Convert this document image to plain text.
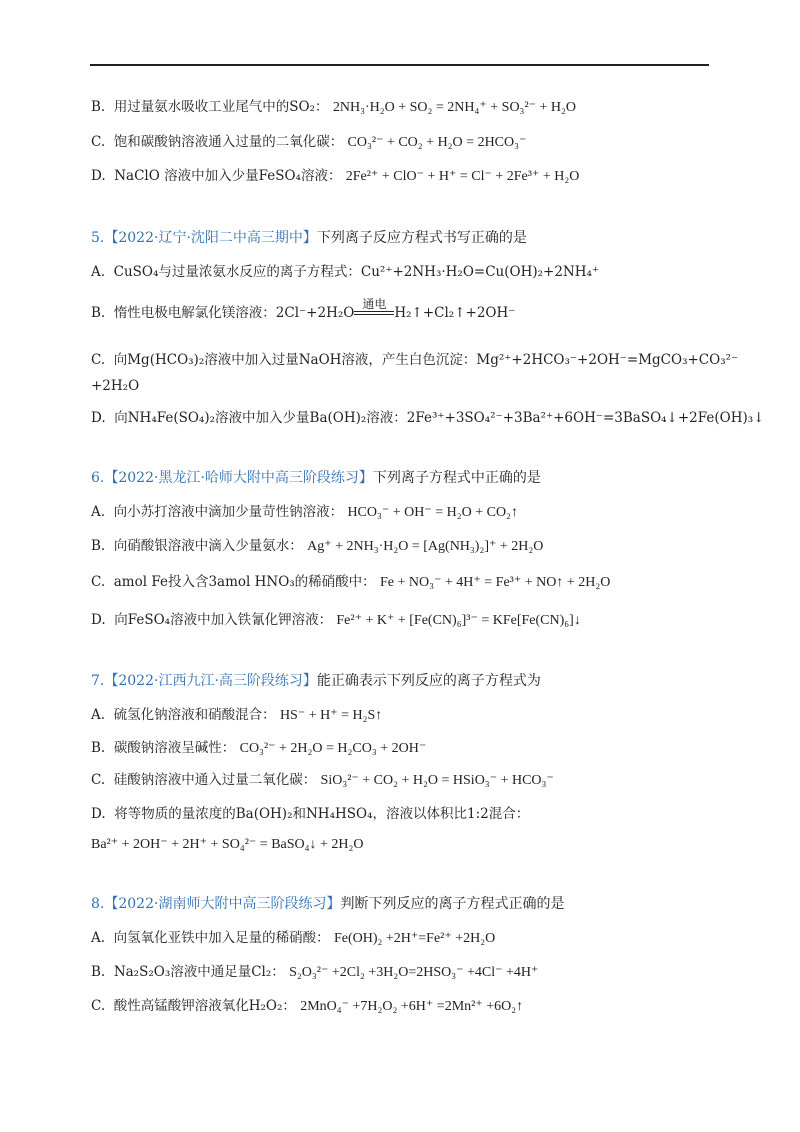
B. 用过量氨水吸收工业尾气中的SO₂： 2NH₃·H₂O + SO₂ = 2NH₄⁺ + SO₃²⁻ + H₂O
C. 饱和碳酸钠溶液通入过量的二氧化碳： CO₃²⁻ + CO₂ + H₂O = 2HCO₃⁻
D. NaClO 溶液中加入少量FeSO₄溶液： 2Fe²⁺ + ClO⁻ + H⁺ = Cl⁻ + 2Fe³⁺ + H₂O
5.【2022·辽宁·沈阳二中高三期中】下列离子反应方程式书写正确的是
A. CuSO₄与过量浓氨水反应的离子方程式：Cu²⁺+2NH₃·H₂O=Cu(OH)₂+2NH₄⁺
B. 惰性电极电解氯化镁溶液：2Cl⁻+2H₂O
通电
H₂↑+Cl₂↑+2OH⁻
C. 向Mg(HCO₃)₂溶液中加入过量NaOH溶液，产生白色沉淀：Mg²⁺+2HCO₃⁻+2OH⁻=MgCO₃+CO₃²⁻
+2H₂O
D. 向NH₄Fe(SO₄)₂溶液中加入少量Ba(OH)₂溶液：2Fe³⁺+3SO₄²⁻+3Ba²⁺+6OH⁻=3BaSO₄↓+2Fe(OH)₃↓
6.【2022·黑龙江·哈师大附中高三阶段练习】下列离子方程式中正确的是
A. 向小苏打溶液中滴加少量苛性钠溶液： HCO₃⁻ + OH⁻ = H₂O + CO₂↑
B. 向硝酸银溶液中滴入少量氨水： Ag⁺ + 2NH₃·H₂O = [Ag(NH₃)₂]⁺ + 2H₂O
C. amol Fe投入含3amol HNO₃的稀硝酸中： Fe + NO₃⁻ + 4H⁺ = Fe³⁺ + NO↑ + 2H₂O
D. 向FeSO₄溶液中加入铁氰化钾溶液： Fe²⁺ + K⁺ + [Fe(CN)₆]³⁻ = KFe[Fe(CN)₆]↓
7.【2022·江西九江·高三阶段练习】能正确表示下列反应的离子方程式为
A. 硫氢化钠溶液和硝酸混合： HS⁻ + H⁺ = H₂S↑
B. 碳酸钠溶液呈碱性： CO₃²⁻ + 2H₂O = H₂CO₃ + 2OH⁻
C. 硅酸钠溶液中通入过量二氧化碳： SiO₃²⁻ + CO₂ + H₂O = HSiO₃⁻ + HCO₃⁻
D. 将等物质的量浓度的Ba(OH)₂和NH₄HSO₄，溶液以体积比1:2混合：
Ba²⁺ + 2OH⁻ + 2H⁺ + SO₄²⁻ = BaSO₄↓ + 2H₂O
8.【2022·湖南师大附中高三阶段练习】判断下列反应的离子方程式正确的是
A. 向氢氧化亚铁中加入足量的稀硝酸： Fe(OH)₂ +2H⁺=Fe²⁺ +2H₂O
B. Na₂S₂O₃溶液中通足量Cl₂： S₂O₃²⁻ +2Cl₂ +3H₂O=2HSO₃⁻ +4Cl⁻ +4H⁺
C. 酸性高锰酸钾溶液氧化H₂O₂： 2MnO₄⁻ +7H₂O₂ +6H⁺ =2Mn²⁺ +6O₂↑
